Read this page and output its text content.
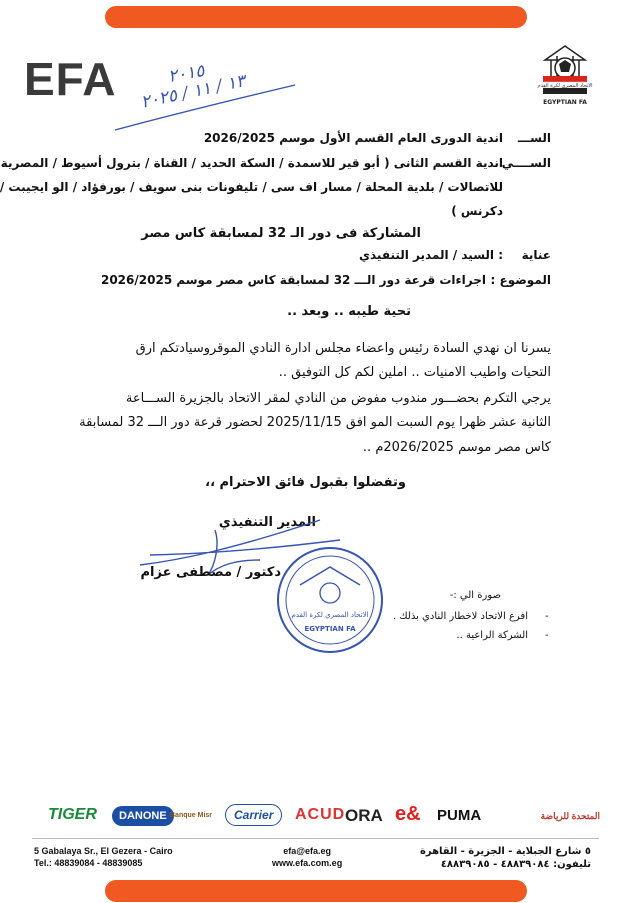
EFA	الاتحاد المصري لكرة القدم
EGYPTIAN FA
٢٠١٥
١٣ / ١١ / ٢٠٢٥
الســـ
اندية الدورى العام القسم الأول موسم 2026/2025
الســــي
اندية القسم الثانى ( أبو قير للاسمدة / السكة الحديد / القناة / بترول أسيوط / المصرية
للاتصالات / بلدية المحلة / مسار اف سى / تليفونات بنى سويف / بورفؤاد / الو ايجيبت /
دكرنس )
المشاركة فى دور الـ 32 لمسابقة كاس مصر
عناية
: السيد / المدير التنفيذي
الموضوع :
اجراءات قرعة دور الـــ 32 لمسابقة كاس مصر موسم 2026/2025
تحية طيبه .. وبعد ..
يسرنا ان نهدي السادة رئيس واعضاء مجلس ادارة النادي الموقروسيادتكم ارق
التحيات واطيب الامنيات .. املين لكم كل التوفيق ..
يرجي التكرم بحضـــور مندوب مفوض من النادي لمقر الاتحاد بالجزيرة الســـاعة
الثانية عشر ظهرا يوم السبت المو افق 2025/11/15 لحضور قرعة دور الـــ 32 لمسابقة
كاس مصر موسم 2026/2025م ..
وتفضلوا بقبول فائق الاحترام ،،
المدير التنفيذي
دكتور / مصطفى عزام
الاتحاد المصري لكرة القدم
EGYPTIAN FA
صورة الي :-
-
افرع الاتحاد لاخطار النادي بذلك .
-
الشركة الراعية ..
TIGER	DANONE Banque Misr	Carrier	ACUD ORA e& PUMA	المتحدة للرياضة
5 Gabalaya Sr., El Gezera - Cairo
Tel.: 48839084 - 48839085
efa@efa.eg
www.efa.com.eg
٥ شارع الجبلاية - الجزيرة - القاهرة
تليفون: ٤٨٨٣٩٠٨٤ - ٤٨٨٣٩٠٨٥
